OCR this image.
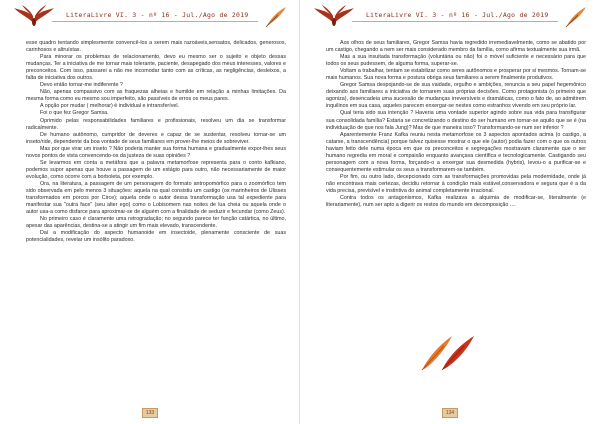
LiteraLivre VI. 3 - nº 16 - Jul./Ago de 2019

esse quadro tentando simplesmente convencê-los a serem mais razoáveis,sensatos, delicados, generosos, carinhosos e altruístas.

Para minorar os problemas de relacionamento, devo eu mesmo ser o sujeito e objeto dessas mudanças. Ter a iniciativa de me tornar mais tolerante, paciente, desapegado dos meus interesses, valores e preconceitos. Com isso, passarei a não me incomodar tanto com as críticas, as negligências, desleixos, a falta de iniciativa dos outros.

Devo então tornar-me indiferente ?

Não, apenas compassivo com as fraquezas alheias e humilde em relação a minhas limitações. Da mesma forma como eu mesmo sou imperfeito, são passíveis de erros os meus pares.

A opção por mudar ( melhorar) é individual e intransferível.

Foi o que fez Gregor Samsa.

Oprimido pelas responsabilidades familiares e profissionais, resolveu um dia se transformar radicalmente.

De humano autônomo, cumpridor de deveres e capaz de se sustentar, resolveu tornar-se um inseto/ride, dependente da boa vontade de seus familiares em prover-lhe meios de sobreviver.

Mas por que virar um inseto ? Não poderia manter sua forma humana e gradualmente expor-lhes seus novos pontos de vista convencendo-os da justeza de suas opiniões ?

Se levarmos em conta a metáfora que a palavra metamorfose representa para o conto kafkiano, podemos supor apenas que houve a passagem de um estágio para outro, não necessariamente de maior evolução, como ocorre com a borboleta, por exemplo.

Ora, na literatura, a passagem de um personagem do formato antropomórfico para o zoomórfico tem sido observada em pelo menos 3 situações: aquela na qual consistiu um castigo (os marinheiros de Ulisses transformados em porcos por Circe); aquela onde o autor dessa transformação usa tal expediente para manifestar sua "outra face" (seu alter ego) como o Lobisomem nas noites de lua cheia ou aquela onde o autor usa-a como disfarce para aproximar-se de alguém com a finalidade de seduzir e fecundar (como Zeus).

No primeiro caso é claramente uma retrogradação; no segundo parece ter função catártica, no último, apesar das aparências, destina-se a atingir um fim mais elevado, transcendente.

Daí a modificação do aspecto humanoide em insectoide, plenamente consciente de suas potencialidades, revelar um insólito paradoxo.

133
LiteraLivre VI. 3 - nº 16 - Jul./Ago de 2019

Aos olhos de seus familiares, Gregor Samsa havia regredido irremediavelmente, como se abatido por um castigo, chegando a nem ser mais considerado membro da família, como afirma textualmente sua irmã.

Mas a sua insuitada transformação (voluntária ou não) foi o móvel suficiente e necessário para que todos os seus pudessem, de alguma forma, superar-se.

Voltam a trabalhar, tentam se estabilizar como seres autônomos e prosperar por si mesmos. Tornam-se mais humanos. Sua nova forma e postura obriga seus familiares a serem finalmente produtivos.

Gregor Samsa despojando-se de sua vaidade, orgulho e ambições, renuncia a seu papel hegemônico deixando aos familiares a iniciativa de tornarem suas próprias decisões. Como protagonista (o primeiro que agoniza), desencadeia uma sucessão de mudanças irreversíveis e dramáticas, como o fato de, ao admitirem inquilinos em sua casa, aqueles parecem enxergar-se nestes como estranhos vivendo em seu próprio lar.

Qual teria sido sua intenção ? Haveria uma vontade superior agindo sobre sua vida para transfigurar sua consolidada família? Estaria se concretizando o destino do ser humano em tornar-se aquilo que se é (na individuação de que nos fala Jung)? Mas de que maneira isso? Transformando-se num ser inferior ?

Aparentemente Franz Kafka reuniu nesta metamorfose os 3 aspectos apontados acima (o castigo, a catarse, a transcendência) porque talvez quisesse mostrar o que ele (autor) podia fazer com o que os outros haviam feito dele numa época em que os preconceitos e segregações mostravam claramente que o ser humano regredia em moral e compaixão enquanto avançava científica e tecnologicamente. Castigando seu personagem com a nova forma, forçando-o a enxergar sua desmedida (hybris), levou-o a purificar-se e consequentemente estimular os seus a transformarem-se também.

Por fim, ou outro lado, decepcionado com as transformações promovidas pela modernidade, onde já não encontrava mais certezas, decidiu retornar à condição mais estável,conservadora e segura que é a da vida precisa, previsível e instintiva do animal completamente irracional.

Contra todos os antagonismos, Kafka realizava a alquimia de modificar-se, literalmente (e literariamente), num ser apto a digerir os restos do mundo em decomposição ....

134
